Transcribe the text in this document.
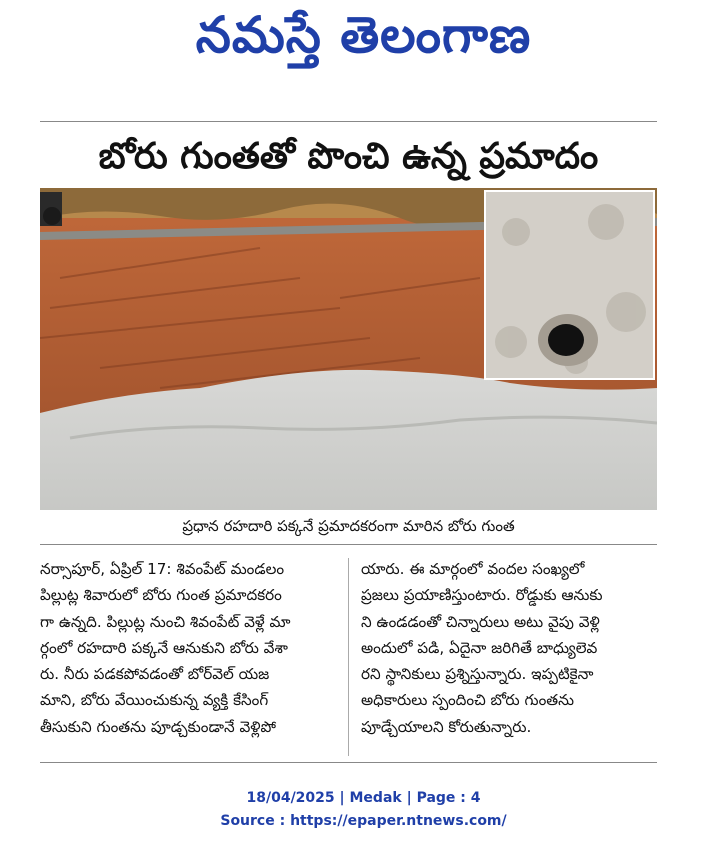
నమస్తే తెలంగాణ
బోరు గుంతతో పొంచి ఉన్న ప్రమాదం
ప్రధాన రహదారి పక్కనే ప్రమాదకరంగా మారిన బోరు గుంత
నర్సాపూర్, ఏప్రిల్ 17: శివంపేట్ మండలం
పిల్లుట్ల శివారులో బోరు గుంత ప్రమాదకరం
గా ఉన్నది. పిల్లుట్ల నుంచి శివంపేట్ వెళ్లే మా
ర్గంలో రహదారి పక్కనే ఆనుకుని బోరు వేశా
రు. నీరు పడకపోవడంతో బోర్‌వెల్ యజ
మాని, బోరు వేయించుకున్న వ్యక్తి కేసింగ్
తీసుకుని గుంతను పూడ్చకుండానే వెళ్లిపో
యారు. ఈ మార్గంలో వందల సంఖ్యలో
ప్రజలు ప్రయాణిస్తుంటారు. రోడ్డుకు ఆనుకు
ని ఉండడంతో చిన్నారులు అటు వైపు వెళ్లి
అందులో పడి, ఏదైనా జరిగితే బాధ్యులెవ
రని స్థానికులు ప్రశ్నిస్తున్నారు. ఇప్పటికైనా
అధికారులు స్పందించి బోరు గుంతను
పూడ్చేయాలని కోరుతున్నారు.
18/04/2025 | Medak | Page : 4
Source : https://epaper.ntnews.com/
